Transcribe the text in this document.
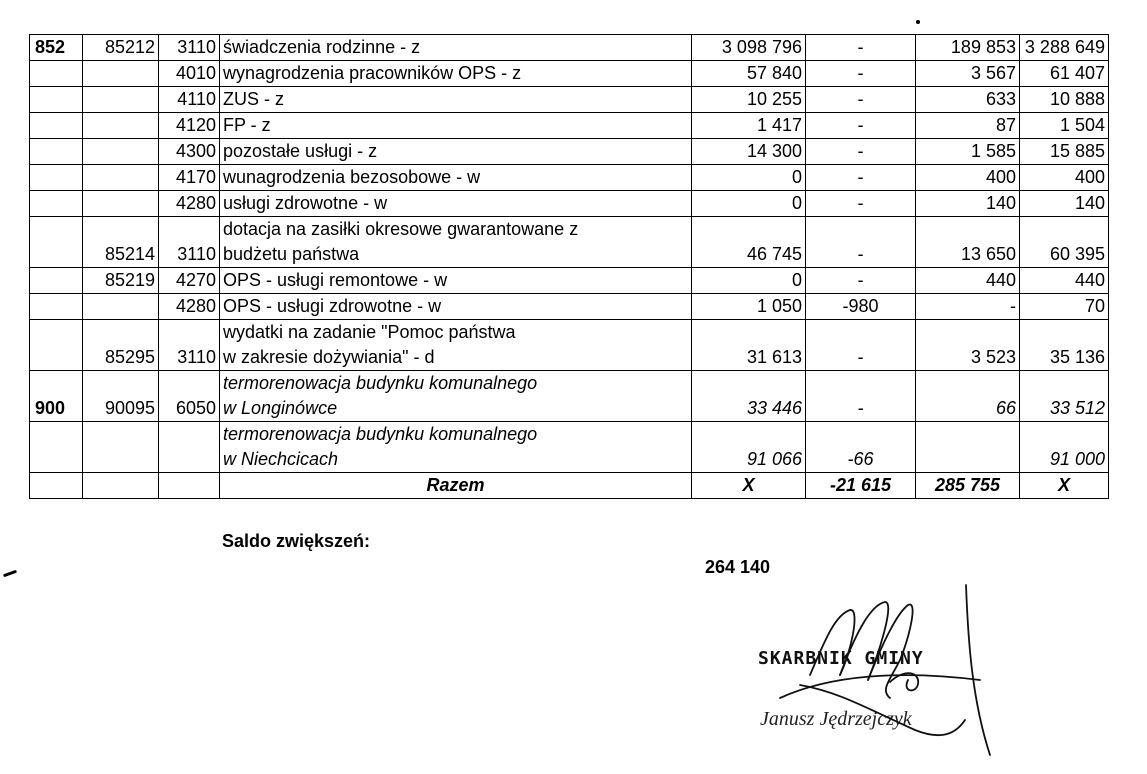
852	85212	3110	świadczenia rodzinne - z	3 098 796	-	189 853	3 288 649
		4010	wynagrodzenia pracowników OPS - z	57 840	-	3 567	61 407
		4110	ZUS - z	10 255	-	633	10 888
		4120	FP - z	1 417	-	87	1 504
		4300	pozostałe usługi - z	14 300	-	1 585	15 885
		4170	wunagrodzenia bezosobowe - w	0	-	400	400
		4280	usługi zdrowotne - w	0	-	140	140
	85214	3110	dotacja na zasiłki okresowe gwarantowane z
budżetu państwa	46 745	-	13 650	60 395
	85219	4270	OPS - usługi remontowe - w	0	-	440	440
		4280	OPS - usługi zdrowotne - w	1 050	-980	-	70
	85295	3110	wydatki na zadanie "Pomoc państwa
w zakresie dożywiania" - d	31 613	-	3 523	35 136
900	90095	6050	termorenowacja budynku komunalnego
w Longinówce	33 446	-	66	33 512
			termorenowacja budynku komunalnego
w Niechcicach	91 066	-66		91 000
			Razem	X	-21 615	285 755	X
Saldo zwiększeń:
264 140
SKARBNIK GMINY
Janusz Jędrzejczyk
